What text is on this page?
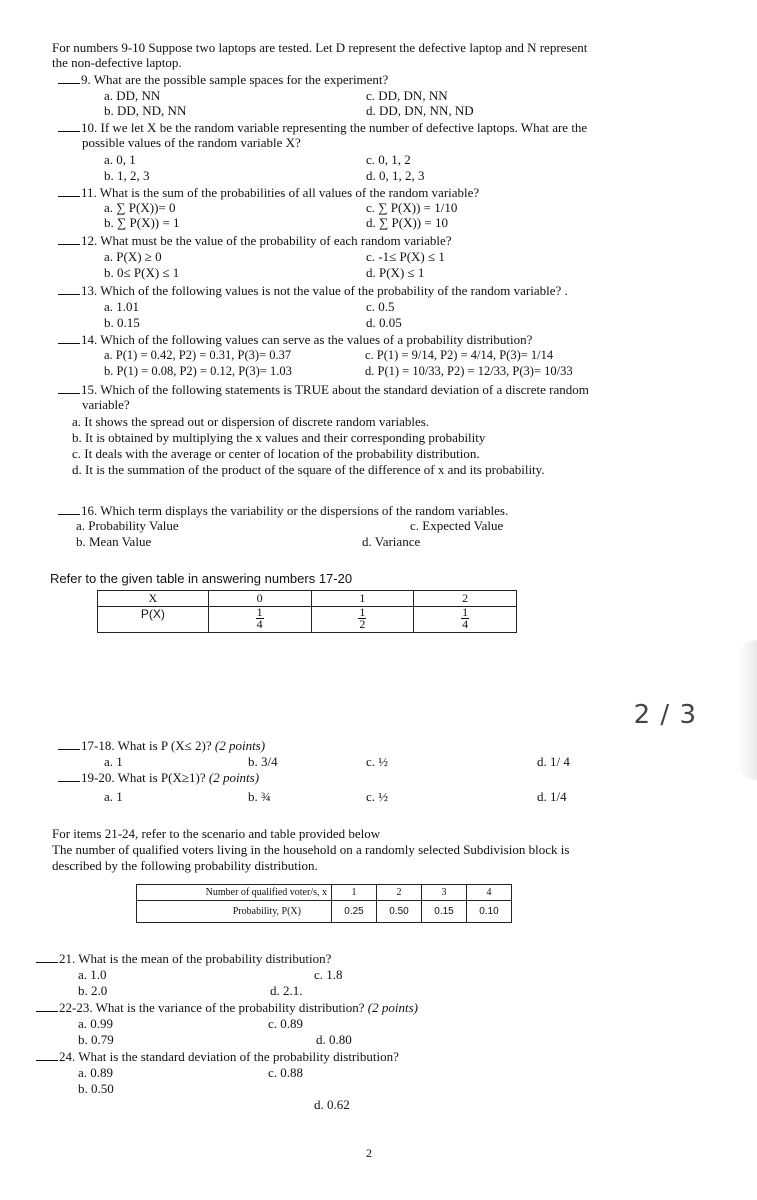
For numbers 9-10 Suppose two laptops are tested. Let D represent the defective laptop and N represent
the non-defective laptop.
9. What are the possible sample spaces for the experiment?
a. DD, NN	c. DD, DN, NN
b. DD, ND, NN	d. DD, DN, NN, ND
10. If we let X be the random variable representing the number of defective laptops. What are the
possible values of the random variable X?
a. 0, 1	c. 0, 1, 2
b. 1, 2, 3	d. 0, 1, 2, 3
11. What is the sum of the probabilities of all values of the random variable?
a. ∑ P(X))= 0	c. ∑ P(X)) = 1/10
b. ∑ P(X)) = 1	d. ∑ P(X)) = 10
12. What must be the value of the probability of each random variable?
a. P(X) ≥ 0	c. -1≤ P(X) ≤ 1
b. 0≤ P(X) ≤ 1	d. P(X) ≤ 1
13. Which of the following values is not the value of the probability of the random variable? .
a. 1.01	c. 0.5
b. 0.15	d. 0.05
14. Which of the following values can serve as the values of a probability distribution?
a. P(1) = 0.42, P2) = 0.31, P(3)= 0.37	c. P(1) = 9/14, P2) = 4/14, P(3)= 1/14
b. P(1) = 0.08, P2) = 0.12, P(3)= 1.03	d. P(1) = 10/33, P2) = 12/33, P(3)= 10/33
15. Which of the following statements is TRUE about the standard deviation of a discrete random
variable?
a. It shows the spread out or dispersion of discrete random variables.
b. It is obtained by multiplying the x values and their corresponding probability
c. It deals with the average or center of location of the probability distribution.
d. It is the summation of the product of the square of the difference of x and its probability.
16. Which term displays the variability or the dispersions of the random variables.
a. Probability Value	c. Expected Value
b. Mean Value	d. Variance
Refer to the given table in answering numbers 17-20
X	0	1	2
P(X)	$\frac{1}{4}$	$\frac{1}{2}$	$\frac{1}{4}$
2 / 3
17-18. What is P (X≤ 2)? (2 points)
a. 1	b. 3/4	c. ½	d. 1/ 4
19-20. What is P(X≥1)? (2 points)
a. 1	b. ¾	c. ½	d. 1/4
For items 21-24, refer to the scenario and table provided below
The number of qualified voters living in the household on a randomly selected Subdivision block is
described by the following probability distribution.
Number of qualified voter/s, x	1	2	3	4
Probability, P(X)	0.25	0.50	0.15	0.10
21. What is the mean of the probability distribution?
a. 1.0	c. 1.8
b. 2.0	d. 2.1.
22-23. What is the variance of the probability distribution? (2 points)
a. 0.99	c. 0.89
b. 0.79	d. 0.80
24. What is the standard deviation of the probability distribution?
a. 0.89	c. 0.88
b. 0.50
d. 0.62
2
